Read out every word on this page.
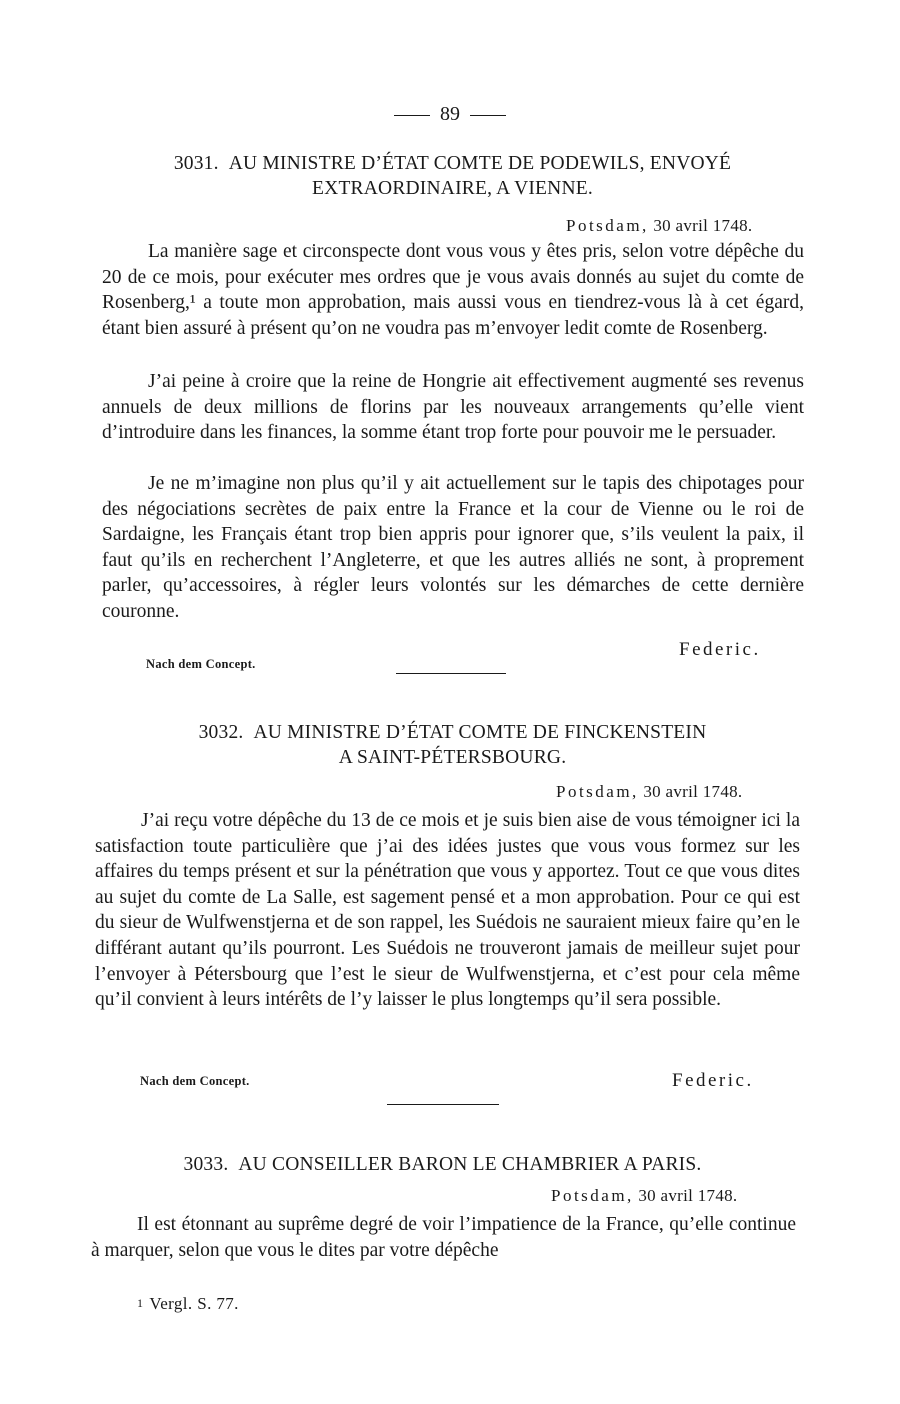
89
3031. AU MINISTRE D’ÉTAT COMTE DE PODEWILS, ENVOYÉ
EXTRAORDINAIRE, A VIENNE.
Potsdam, 30 avril 1748.

La manière sage et circonspecte dont vous vous y êtes pris, selon votre dépêche du 20 de ce mois, pour exécuter mes ordres que je vous avais donnés au sujet du comte de Rosenberg,¹ a toute mon approbation, mais aussi vous en tiendrez-vous là à cet égard, étant bien assuré à présent qu’on ne voudra pas m’envoyer ledit comte de Rosenberg.

J’ai peine à croire que la reine de Hongrie ait effectivement augmenté ses revenus annuels de deux millions de florins par les nouveaux arrangements qu’elle vient d’introduire dans les finances, la somme étant trop forte pour pouvoir me le persuader.

Je ne m’imagine non plus qu’il y ait actuellement sur le tapis des chipotages pour des négociations secrètes de paix entre la France et la cour de Vienne ou le roi de Sardaigne, les Français étant trop bien appris pour ignorer que, s’ils veulent la paix, il faut qu’ils en recherchent l’Angleterre, et que les autres alliés ne sont, à proprement parler, qu’accessoires, à régler leurs volontés sur les démarches de cette dernière couronne.

Nach dem Concept.
Federic.
3032. AU MINISTRE D’ÉTAT COMTE DE FINCKENSTEIN
A SAINT-PÉTERSBOURG.
Potsdam, 30 avril 1748.

J’ai reçu votre dépêche du 13 de ce mois et je suis bien aise de vous témoigner ici la satisfaction toute particulière que j’ai des idées justes que vous vous formez sur les affaires du temps présent et sur la pénétration que vous y apportez. Tout ce que vous dites au sujet du comte de La Salle, est sagement pensé et a mon approbation. Pour ce qui est du sieur de Wulfwenstjerna et de son rappel, les Suédois ne sauraient mieux faire qu’en le différant autant qu’ils pourront. Les Suédois ne trouveront jamais de meilleur sujet pour l’envoyer à Pétersbourg que l’est le sieur de Wulfwenstjerna, et c’est pour cela même qu’il convient à leurs intérêts de l’y laisser le plus longtemps qu’il sera possible.

Nach dem Concept.	Federic.
3033. AU CONSEILLER BARON LE CHAMBRIER A PARIS.
Potsdam, 30 avril 1748.

Il est étonnant au suprême degré de voir l’impatience de la France, qu’elle continue à marquer, selon que vous le dites par votre dépêche

1 Vergl. S. 77.
